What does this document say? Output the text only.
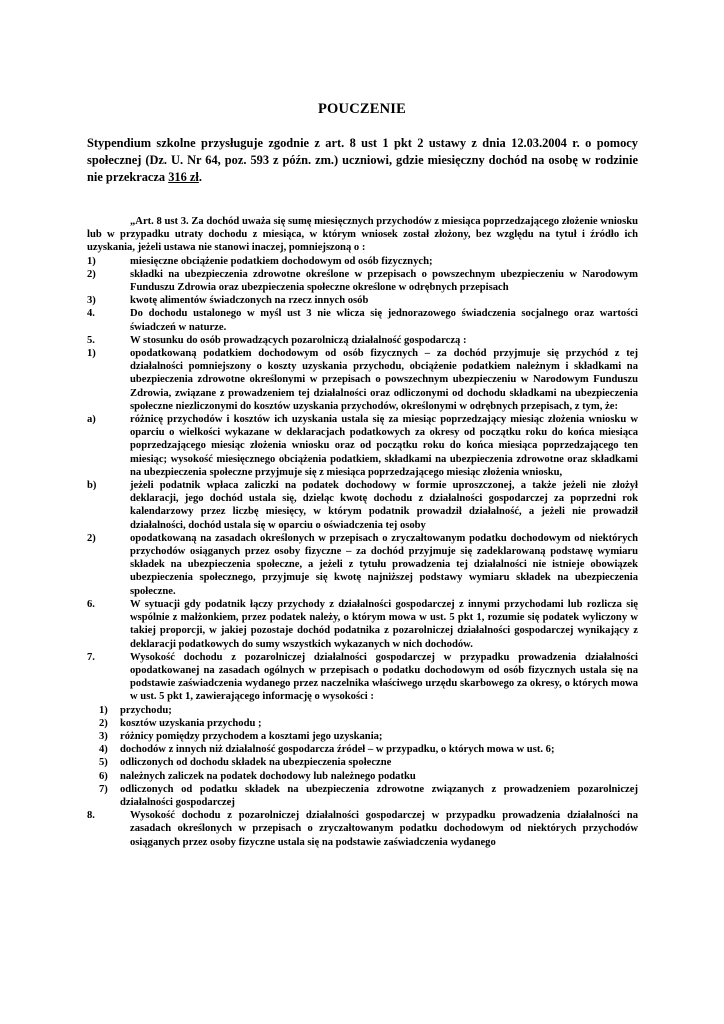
POUCZENIE
Stypendium szkolne przysługuje zgodnie z art. 8 ust 1 pkt 2 ustawy z dnia 12.03.2004 r. o pomocy społecznej (Dz. U. Nr 64, poz. 593 z późn. zm.) uczniowi, gdzie miesięczny dochód na osobę w rodzinie nie przekracza 316 zł.

„Art. 8 ust 3. Za dochód uważa się sumę miesięcznych przychodów z miesiąca poprzedzającego złożenie wniosku lub w przypadku utraty dochodu z miesiąca, w którym wniosek został złożony, bez względu na tytuł i źródło ich uzyskania, jeżeli ustawa nie stanowi inaczej, pomniejszoną o :

1)	miesięczne obciążenie podatkiem dochodowym od osób fizycznych;
2)	składki na ubezpieczenia zdrowotne określone w przepisach o powszechnym ubezpieczeniu w Narodowym Funduszu Zdrowia oraz ubezpieczenia społeczne określone w odrębnych przepisach
3)	kwotę alimentów świadczonych na rzecz innych osób
4.	Do dochodu ustalonego w myśl ust 3 nie wlicza się jednorazowego świadczenia socjalnego oraz wartości świadczeń w naturze.
5.	W stosunku do osób prowadzących pozarolniczą działalność gospodarczą :
1)	opodatkowaną podatkiem dochodowym od osób fizycznych – za dochód przyjmuje się przychód z tej działalności pomniejszony o koszty uzyskania przychodu, obciążenie podatkiem należnym i składkami na ubezpieczenia zdrowotne określonymi w przepisach o powszechnym ubezpieczeniu w Narodowym Funduszu Zdrowia, związane z prowadzeniem tej działalności oraz odliczonymi od dochodu składkami na ubezpieczenia społeczne niezliczonymi do kosztów uzyskania przychodów, określonymi w odrębnych przepisach, z tym, że:
a)	różnicę przychodów i kosztów ich uzyskania ustala się za miesiąc poprzedzający miesiąc złożenia wniosku w oparciu o wielkości wykazane w deklaracjach podatkowych za okresy od początku roku do końca miesiąca poprzedzającego miesiąc złożenia wniosku oraz od początku roku do końca miesiąca poprzedzającego ten miesiąc; wysokość miesięcznego obciążenia podatkiem, składkami na ubezpieczenia zdrowotne oraz składkami na ubezpieczenia społeczne przyjmuje się z miesiąca poprzedzającego miesiąc złożenia wniosku,
b)	jeżeli podatnik wpłaca zaliczki na podatek dochodowy w formie uproszczonej, a także jeżeli nie złożył deklaracji, jego dochód ustala się, dzieląc kwotę dochodu z działalności gospodarczej za poprzedni rok kalendarzowy przez liczbę miesięcy, w którym podatnik prowadził działalność, a jeżeli nie prowadził działalności, dochód ustala się w oparciu o oświadczenia tej osoby
2)	opodatkowaną na zasadach określonych w przepisach o zryczałtowanym podatku dochodowym od niektórych przychodów osiąganych przez osoby fizyczne – za dochód przyjmuje się zadeklarowaną podstawę wymiaru składek na ubezpieczenia społeczne, a jeżeli z tytułu prowadzenia tej działalności nie istnieje obowiązek ubezpieczenia społecznego, przyjmuje się kwotę najniższej podstawy wymiaru składek na ubezpieczenia społeczne.
6.	W sytuacji gdy podatnik łączy przychody z działalności gospodarczej z innymi przychodami lub rozlicza się wspólnie z małżonkiem, przez podatek należy, o którym mowa w ust. 5 pkt 1, rozumie się podatek wyliczony w takiej proporcji, w jakiej pozostaje dochód podatnika z pozarolniczej działalności gospodarczej wynikający z deklaracji podatkowych do sumy wszystkich wykazanych w nich dochodów.
7.	Wysokość dochodu z pozarolniczej działalności gospodarczej w przypadku prowadzenia działalności opodatkowanej na zasadach ogólnych w przepisach o podatku dochodowym od osób fizycznych ustala się na podstawie zaświadczenia wydanego przez naczelnika właściwego urzędu skarbowego za okresy, o których mowa w ust. 5 pkt 1, zawierającego informację o wysokości :
1)	przychodu;
2)	kosztów uzyskania przychodu ;
3)	różnicy pomiędzy przychodem a kosztami jego uzyskania;
4)	dochodów z innych niż działalność gospodarcza źródeł – w przypadku, o których mowa w ust. 6;
5)	odliczonych od dochodu składek na ubezpieczenia społeczne
6)	należnych zaliczek na podatek dochodowy lub należnego podatku
7)	odliczonych od podatku składek na ubezpieczenia zdrowotne związanych z prowadzeniem pozarolniczej działalności gospodarczej
8.	Wysokość dochodu z pozarolniczej działalności gospodarczej w przypadku prowadzenia działalności na zasadach określonych w przepisach o zryczałtowanym podatku dochodowym od niektórych przychodów osiąganych przez osoby fizyczne ustala się na podstawie zaświadczenia wydanego
